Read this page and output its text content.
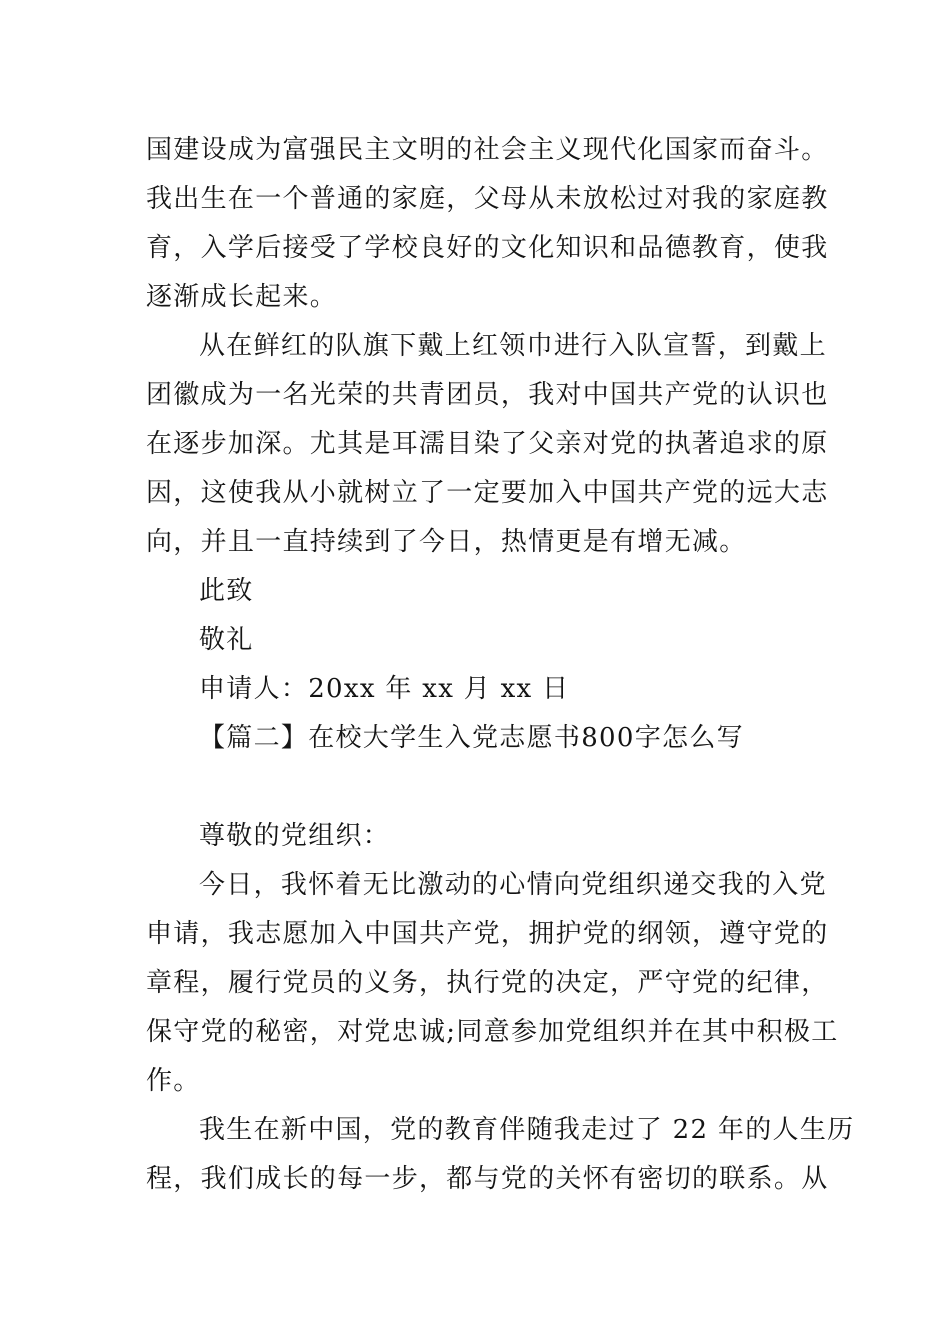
国建设成为富强民主文明的社会主义现代化国家而奋斗。
我出生在一个普通的家庭，父母从未放松过对我的家庭教
育，入学后接受了学校良好的文化知识和品德教育，使我
逐渐成长起来。
从在鲜红的队旗下戴上红领巾进行入队宣誓，到戴上
团徽成为一名光荣的共青团员，我对中国共产党的认识也
在逐步加深。尤其是耳濡目染了父亲对党的执著追求的原
因，这使我从小就树立了一定要加入中国共产党的远大志
向，并且一直持续到了今日，热情更是有增无减。
此致
敬礼
申请人：20xx 年 xx 月 xx 日
【篇二】在校大学生入党志愿书800字怎么写
尊敬的党组织：
今日，我怀着无比激动的心情向党组织递交我的入党
申请，我志愿加入中国共产党，拥护党的纲领，遵守党的
章程，履行党员的义务，执行党的决定，严守党的纪律，
保守党的秘密，对党忠诚;同意参加党组织并在其中积极工
作。
我生在新中国，党的教育伴随我走过了 22 年的人生历
程，我们成长的每一步，都与党的关怀有密切的联系。从
